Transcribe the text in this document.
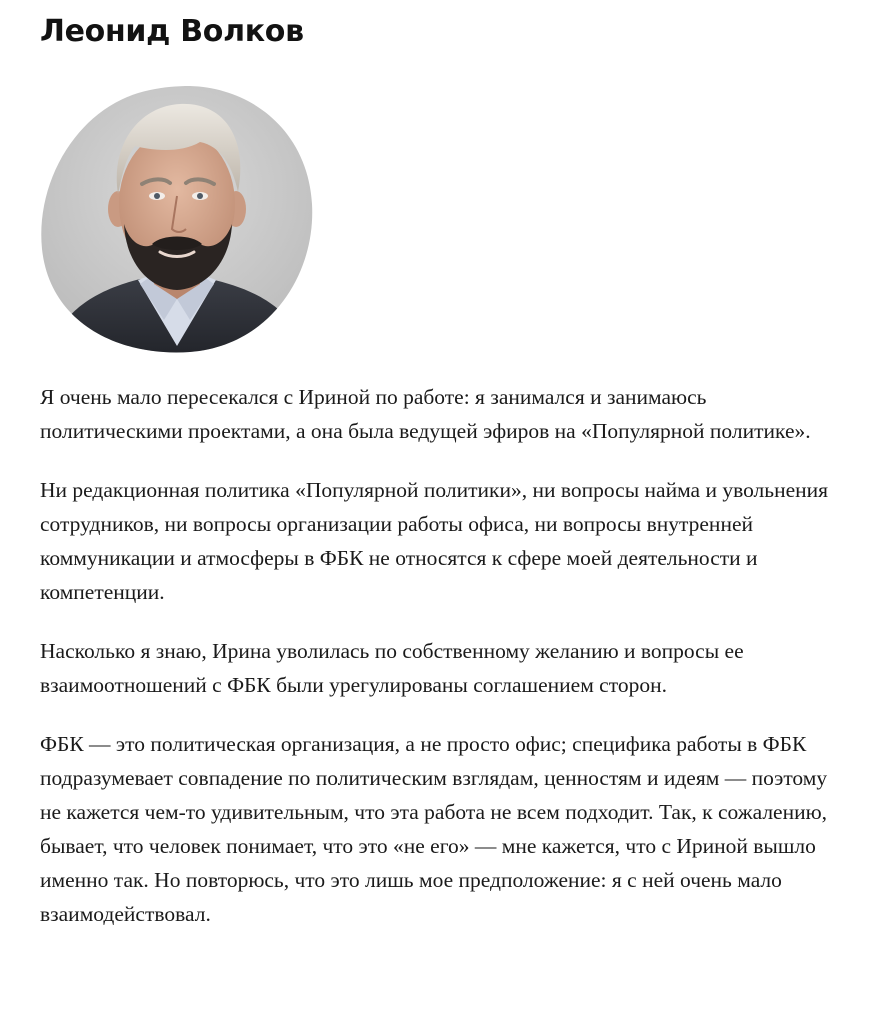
Леонид Волков

Я очень мало пересекался с Ириной по работе: я занимался и занимаюсь политическими проектами, а она была ведущей эфиров на «Популярной политике».

Ни редакционная политика «Популярной политики», ни вопросы найма и увольнения сотрудников, ни вопросы организации работы офиса, ни вопросы внутренней коммуникации и атмосферы в ФБК не относятся к сфере моей деятельности и компетенции.

Насколько я знаю, Ирина уволилась по собственному желанию и вопросы ее взаимоотношений с ФБК были урегулированы соглашением сторон.

ФБК — это политическая организация, а не просто офис; специфика работы в ФБК подразумевает совпадение по политическим взглядам, ценностям и идеям — поэтому не кажется чем-то удивительным, что эта работа не всем подходит. Так, к сожалению, бывает, что человек понимает, что это «не его» — мне кажется, что с Ириной вышло именно так. Но повторюсь, что это лишь мое предположение: я с ней очень мало взаимодействовал.
